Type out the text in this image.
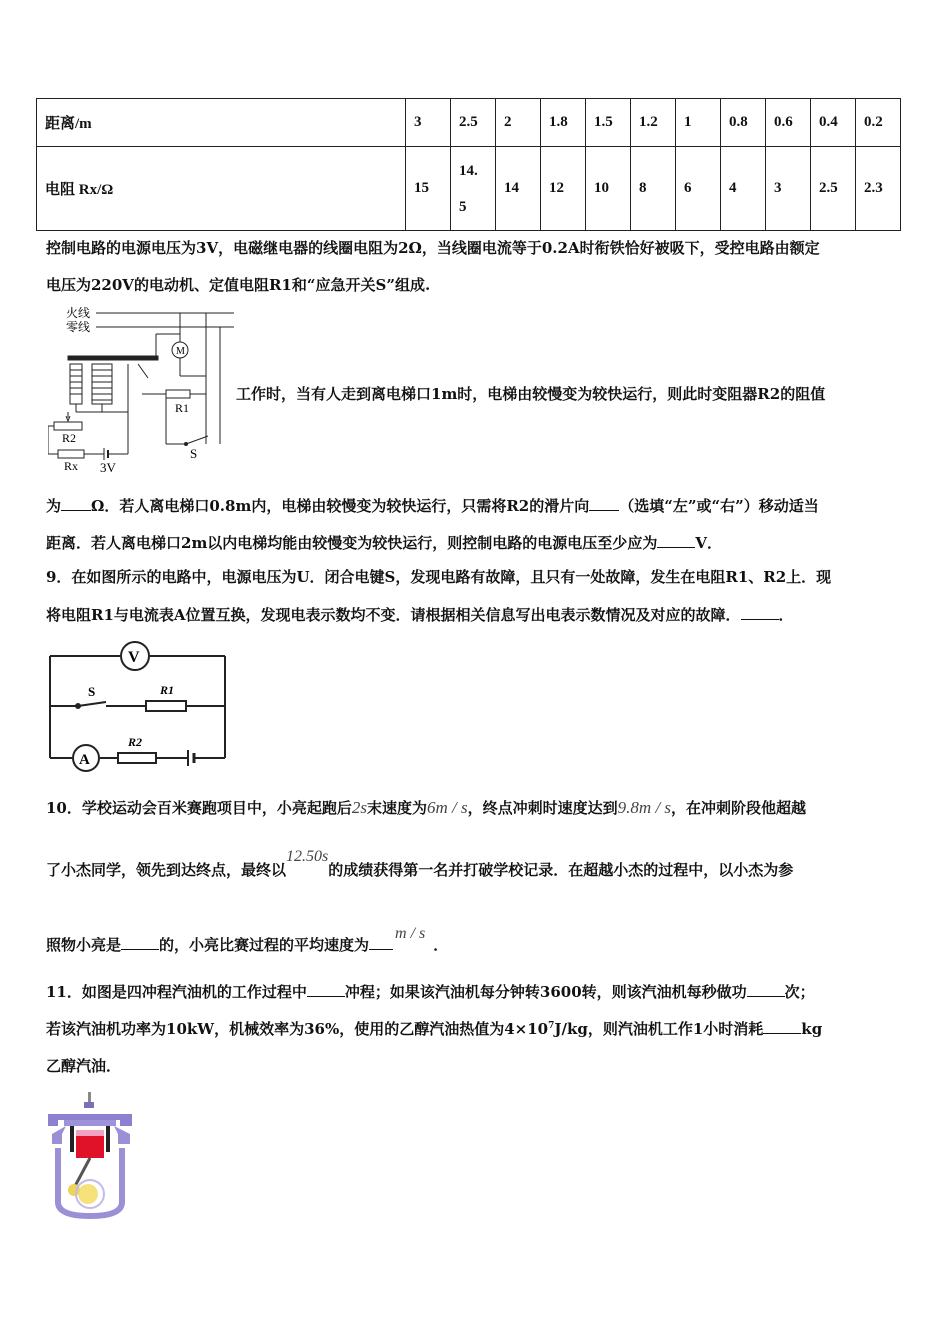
距离/m	3	2.5	2	1.8	1.5	1.2	1	0.8	0.6	0.4	0.2
电阻 Rx/Ω	15	14.5	14	12	10	8	6	4	3	2.5	2.3
控制电路的电源电压为3V，电磁继电器的线圈电阻为2Ω，当线圈电流等于0.2A时衔铁恰好被吸下，受控电路由额定
电压为220V的电动机、定值电阻R1和“应急开关S”组成.
火线
零线
M
R1
R2
Rx 3V
S
工作时，当有人走到离电梯口1m时，电梯由较慢变为较快运行，则此时变阻器R2的阻值
为 Ω．若人离电梯口0.8m内，电梯由较慢变为较快运行，只需将R2的滑片向 （选填“左”或“右”）移动适当
距离．若人离电梯口2m以内电梯均能由较慢变为较快运行，则控制电路的电源电压至少应为	V．
9．在如图所示的电路中，电源电压为U．闭合电键S，发现电路有故障，且只有一处故障，发生在电阻R1、R2上．现
将电阻R1与电流表A位置互换，发现电表示数均不变．请根据相关信息写出电表示数情况及对应的故障．	．
V
S	R1
A
R2
10．学校运动会百米赛跑项目中，小亮起跑后2s末速度为6m / s，终点冲刺时速度达到9.8m / s，在冲刺阶段他超越
了小杰同学，领先到达终点，最终以12.50s的成绩获得第一名并打破学校记录．在超越小杰的过程中，以小杰为参
照物小亮是	的，小亮比赛过程的平均速度为m / s．
11．如图是四冲程汽油机的工作过程中	冲程；如果该汽油机每分钟转3600转，则该汽油机每秒做功	次；
若该汽油机功率为10kW，机械效率为36%，使用的乙醇汽油热值为$4\times 10^7J/kg$，则汽油机工作1小时消耗	kg
乙醇汽油．
